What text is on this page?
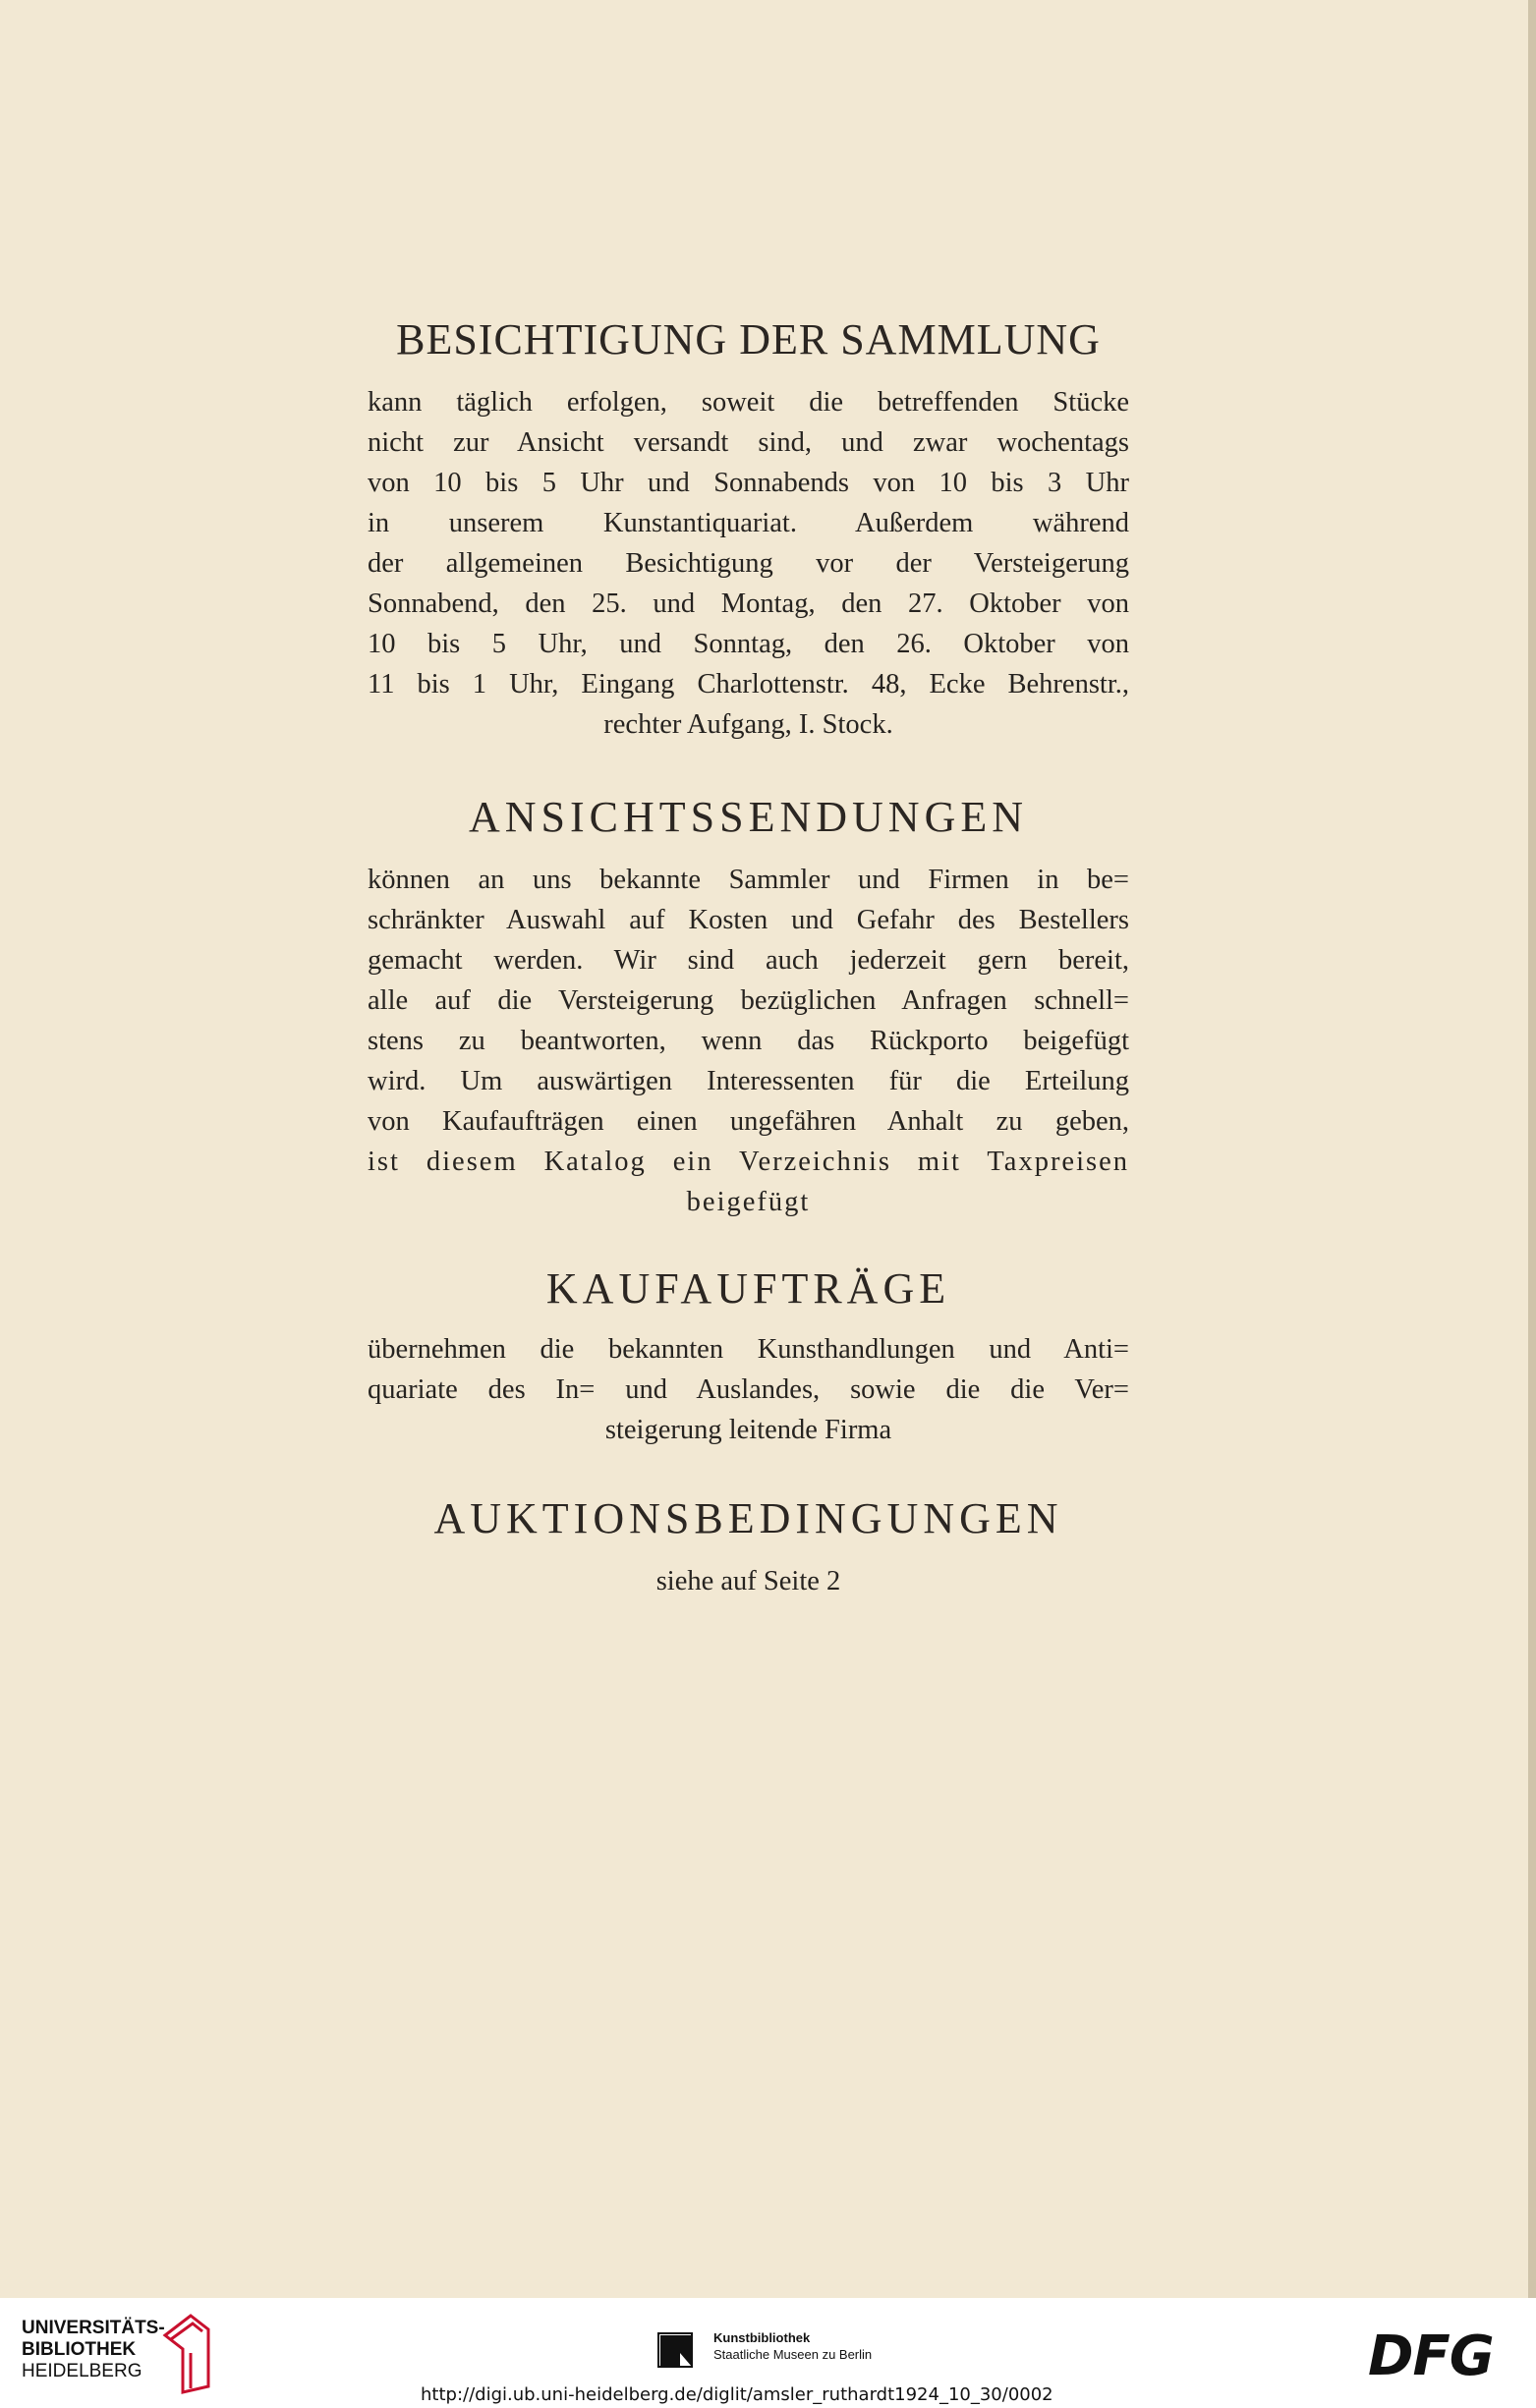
BESICHTIGUNG DER SAMMLUNG
kann täglich erfolgen, soweit die betreffenden Stücke
nicht zur Ansicht versandt sind, und zwar wochentags
von 10 bis 5 Uhr und Sonnabends von 10 bis 3 Uhr
in unserem Kunstantiquariat. Außerdem während
der allgemeinen Besichtigung vor der Versteigerung
Sonnabend, den 25. und Montag, den 27. Oktober von
10 bis 5 Uhr, und Sonntag, den 26. Oktober von
11 bis 1 Uhr, Eingang Charlottenstr. 48, Ecke Behrenstr.,
rechter Aufgang, I. Stock.
ANSICHTSSENDUNGEN
können an uns bekannte Sammler und Firmen in be=
schränkter Auswahl auf Kosten und Gefahr des Bestellers
gemacht werden. Wir sind auch jederzeit gern bereit,
alle auf die Versteigerung bezüglichen Anfragen schnell=
stens zu beantworten, wenn das Rückporto beigefügt
wird. Um auswärtigen Interessenten für die Erteilung
von Kaufaufträgen einen ungefähren Anhalt zu geben,
ist diesem Katalog ein Verzeichnis mit Taxpreisen
beigefügt
KAUFAUFTRÄGE
übernehmen die bekannten Kunsthandlungen und Anti=
quariate des In= und Auslandes, sowie die die Ver=
steigerung leitende Firma
AUKTIONSBEDINGUNGEN
siehe auf Seite 2
UNIVERSITÄTS-
BIBLIOTHEK
HEIDELBERG
Kunstbibliothek
Staatliche Museen zu Berlin	DFG
http://digi.ub.uni-heidelberg.de/diglit/amsler_ruthardt1924_10_30/0002
